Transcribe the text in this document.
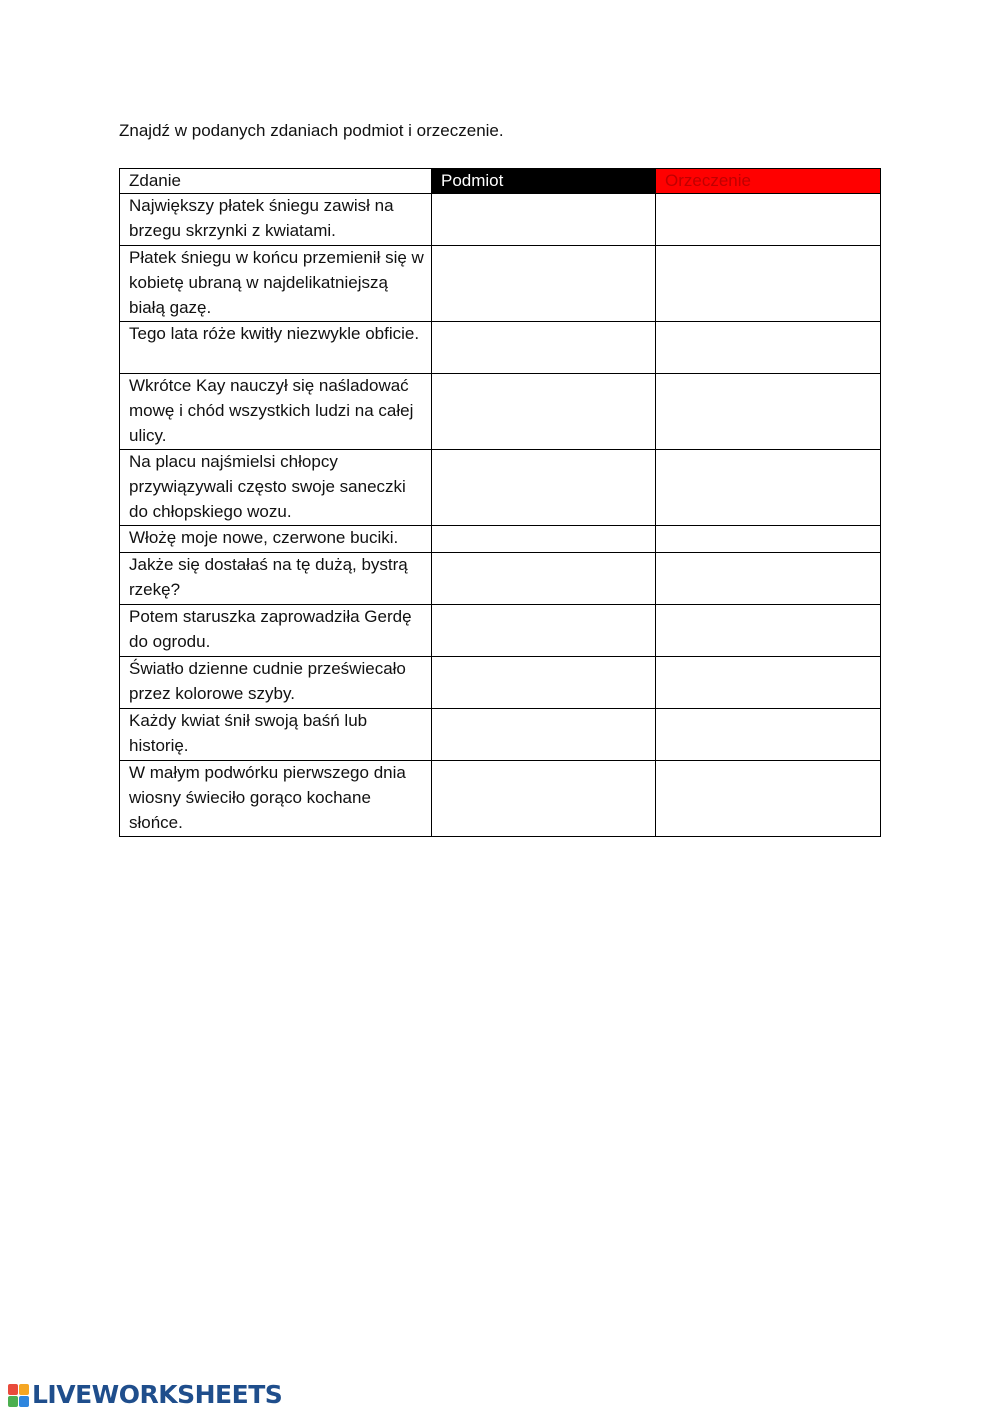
Znajdź w podanych zdaniach podmiot i orzeczenie.

Zdanie	Podmiot	Orzeczenie
Największy płatek śniegu zawisł na brzegu skrzynki z kwiatami.		
Płatek śniegu w końcu przemienił się w kobietę ubraną w najdelikatniejszą białą gazę.		
Tego lata róże kwitły niezwykle obficie.		
Wkrótce Kay nauczył się naśladować mowę i chód wszystkich ludzi na całej ulicy.		
Na placu najśmielsi chłopcy przywiązywali często swoje saneczki do chłopskiego wozu.		
Włożę moje nowe, czerwone buciki.		
Jakże się dostałaś na tę dużą, bystrą rzekę?		
Potem staruszka zaprowadziła Gerdę do ogrodu.		
Światło dzienne cudnie przeświecało przez kolorowe szyby.		
Każdy kwiat śnił swoją baśń lub historię.		
W małym podwórku pierwszego dnia wiosny świeciło gorąco kochane słońce.		
LIVEWORKSHEETS
